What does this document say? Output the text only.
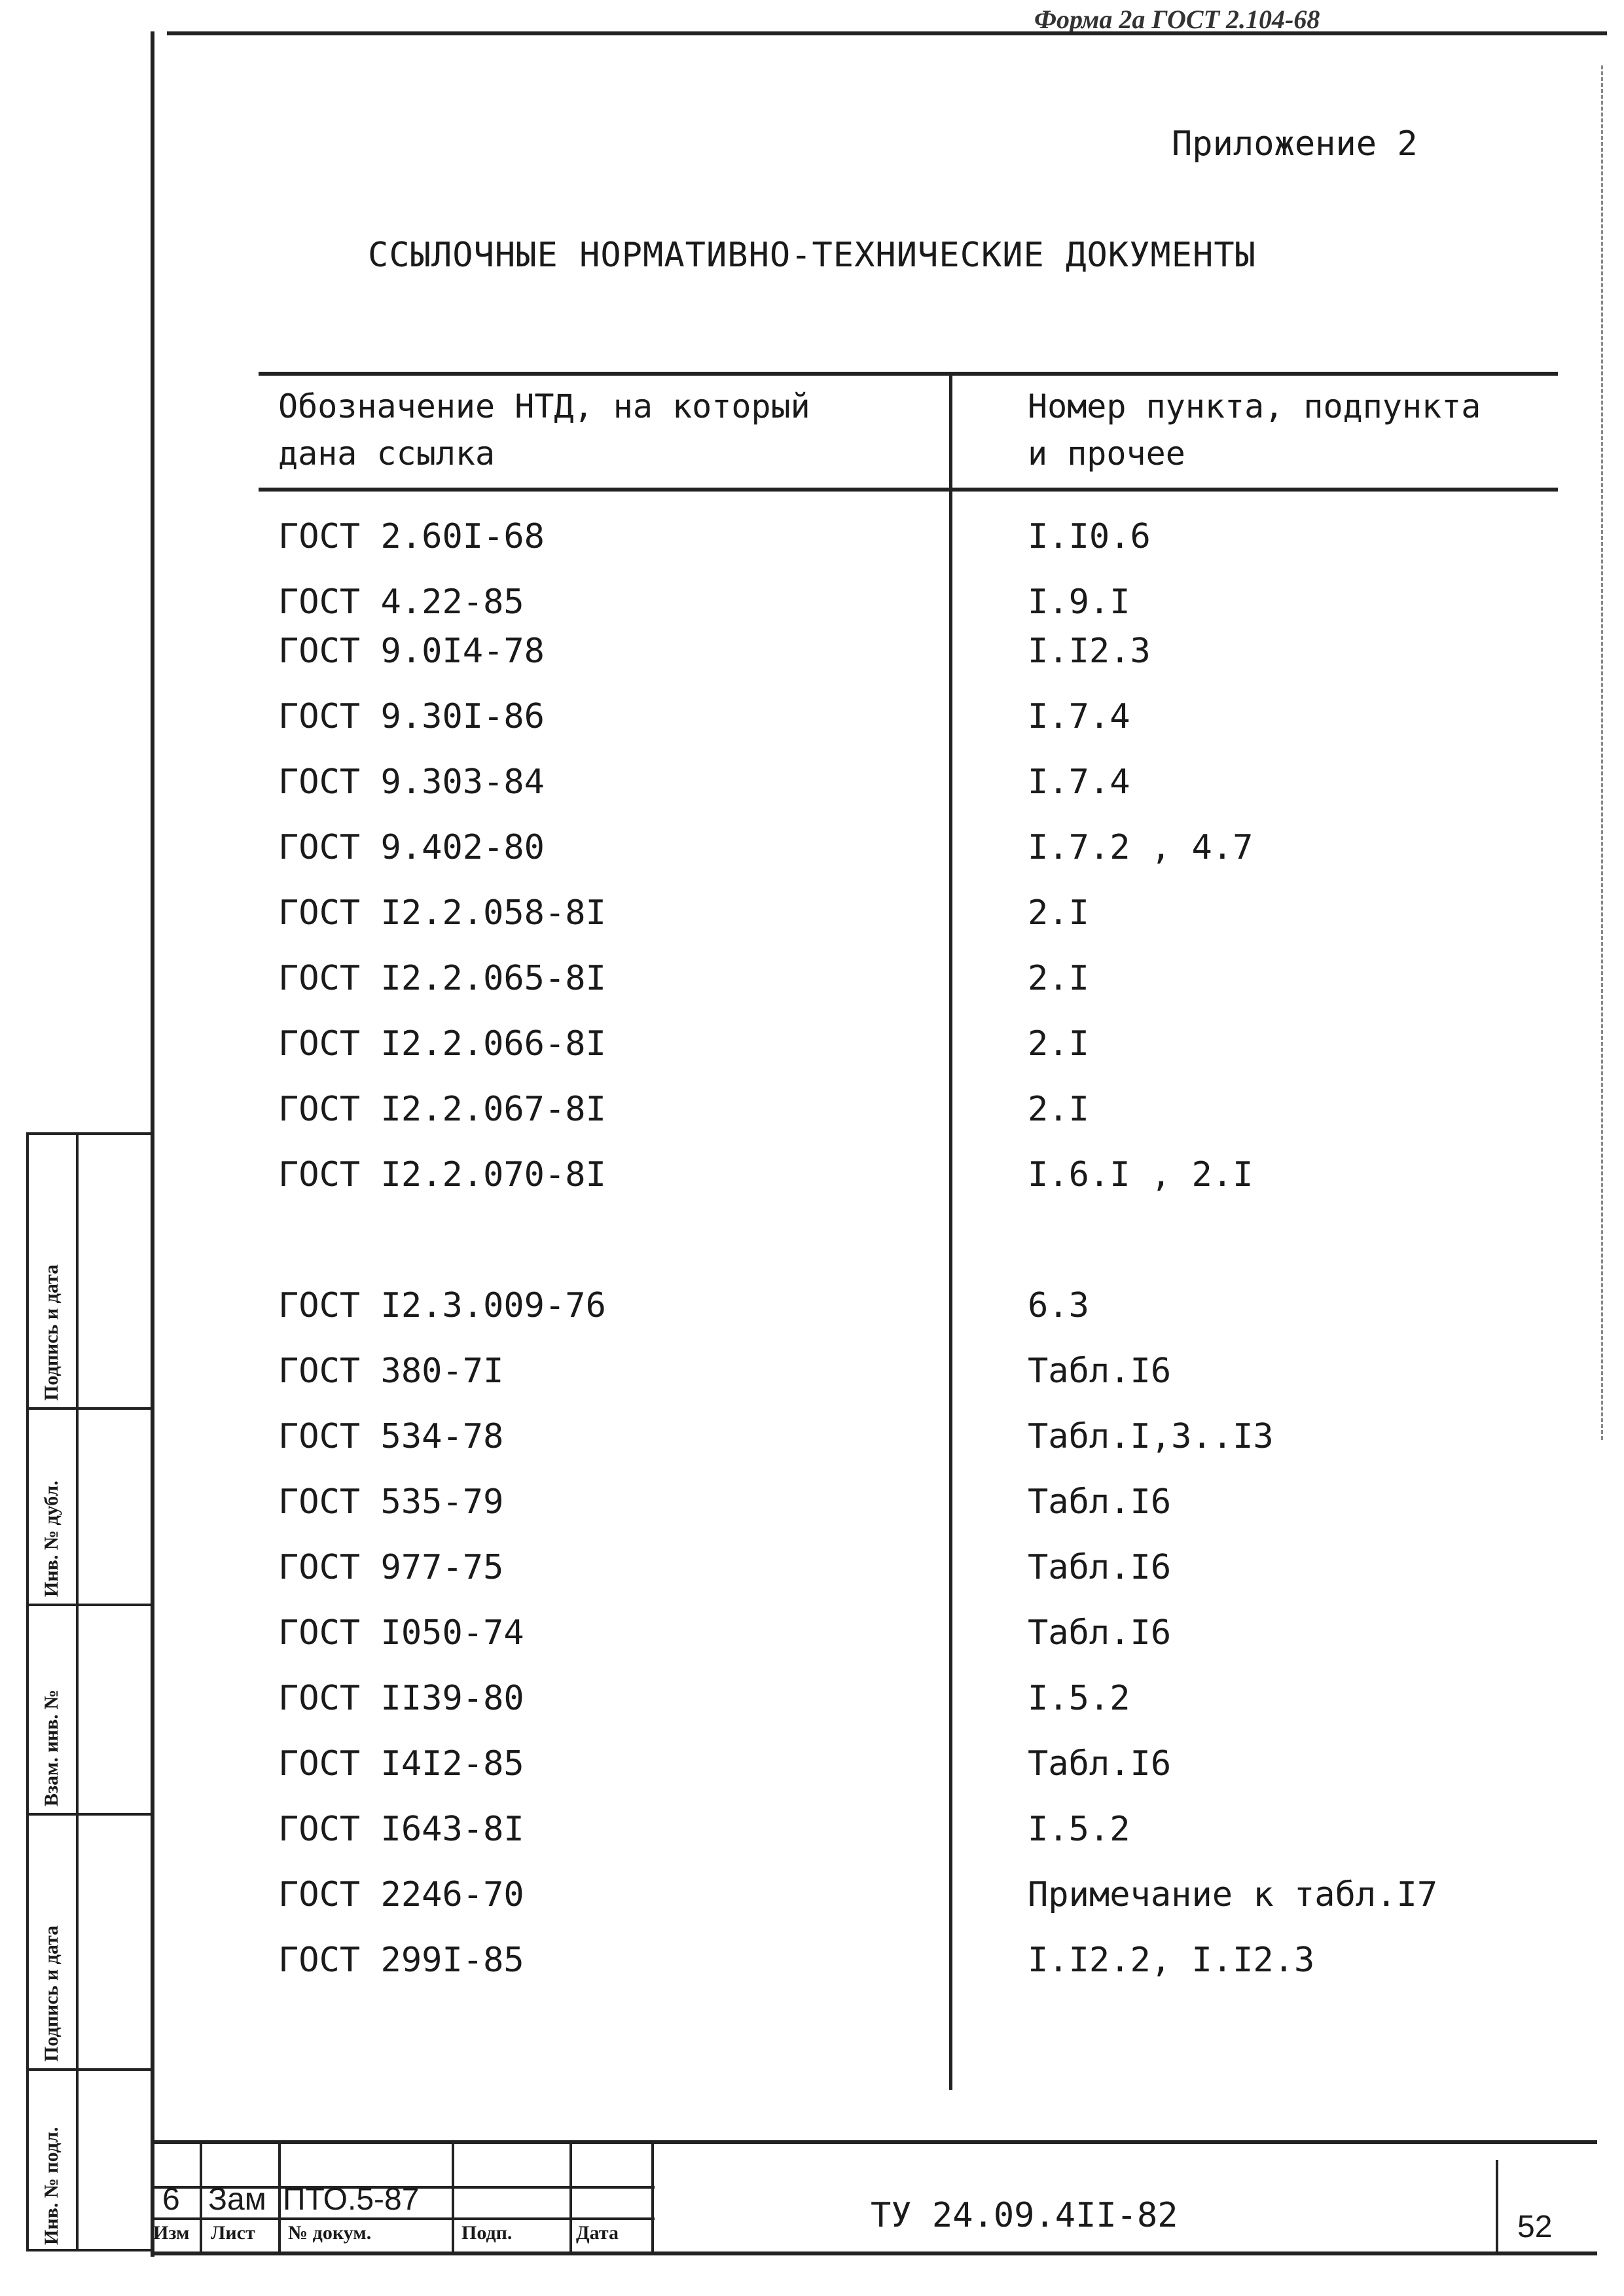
Форма 2а ГОСТ 2.104-68
Приложение 2
ССЫЛОЧНЫЕ НОРМАТИВНО-ТЕХНИЧЕСКИЕ ДОКУМЕНТЫ
Обозначение НТД, на который
дана ссылка
Номер пункта, подпункта
и прочее
ГОСТ 2.60I-68	I.I0.6
ГОСТ 4.22-85	I.9.I
ГОСТ 9.0I4-78	I.I2.3
ГОСТ 9.30I-86	I.7.4
ГОСТ 9.303-84	I.7.4
ГОСТ 9.402-80	I.7.2 , 4.7
ГОСТ I2.2.058-8I	2.I
ГОСТ I2.2.065-8I	2.I
ГОСТ I2.2.066-8I	2.I
ГОСТ I2.2.067-8I	2.I
ГОСТ I2.2.070-8I	I.6.I , 2.I
ГОСТ I2.3.009-76	6.3
ГОСТ 380-7I	Табл.I6
ГОСТ 534-78	Табл.I,3..I3
ГОСТ 535-79	Табл.I6
ГОСТ 977-75	Табл.I6
ГОСТ I050-74	Табл.I6
ГОСТ II39-80	I.5.2
ГОСТ I4I2-85	Табл.I6
ГОСТ I643-8I	I.5.2
ГОСТ 2246-70	Примечание к табл.I7
ГОСТ 299I-85	I.I2.2, I.I2.3
Подпись и дата
Инв. № дубл.
Взам. инв. №
Подпись и дата
Инв. № подл.	6 Зам ПТО.5-87
Изм Лист № докум.	Подп.	Дата	ТУ 24.09.4II-82	52
